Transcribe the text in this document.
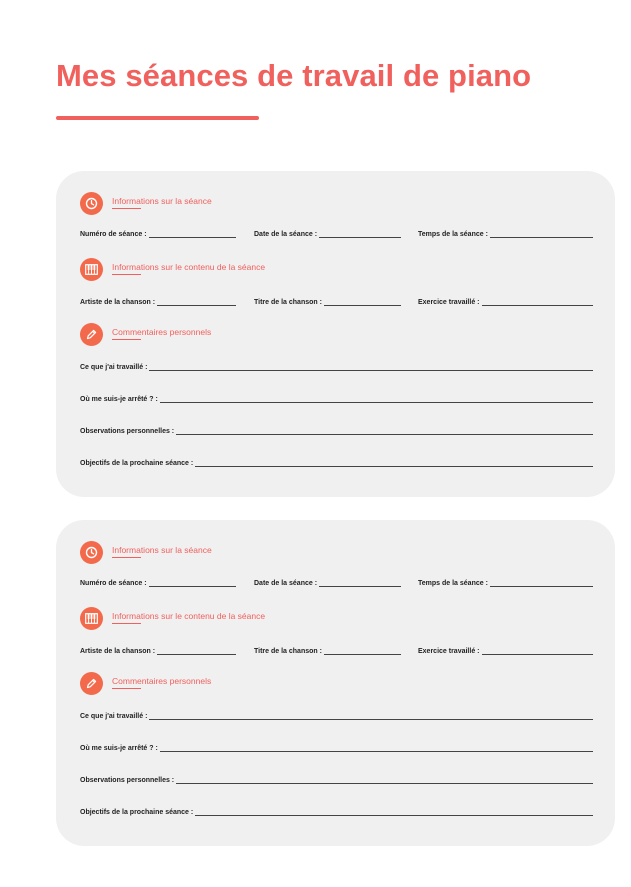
Mes séances de travail de piano
Informations sur la séance
Numéro de séance :	Date de la séance :	Temps de la séance :
Informations sur le contenu de la séance
Artiste de la chanson :	Titre de la chanson :	Exercice travaillé :
Commentaires personnels
Ce que j'ai travaillé :
Où me suis-je arrêté ? :
Observations personnelles :
Objectifs de la prochaine séance :
Informations sur la séance
Numéro de séance :	Date de la séance :	Temps de la séance :
Informations sur le contenu de la séance
Artiste de la chanson :	Titre de la chanson :	Exercice travaillé :
Commentaires personnels
Ce que j'ai travaillé :
Où me suis-je arrêté ? :
Observations personnelles :
Objectifs de la prochaine séance :
